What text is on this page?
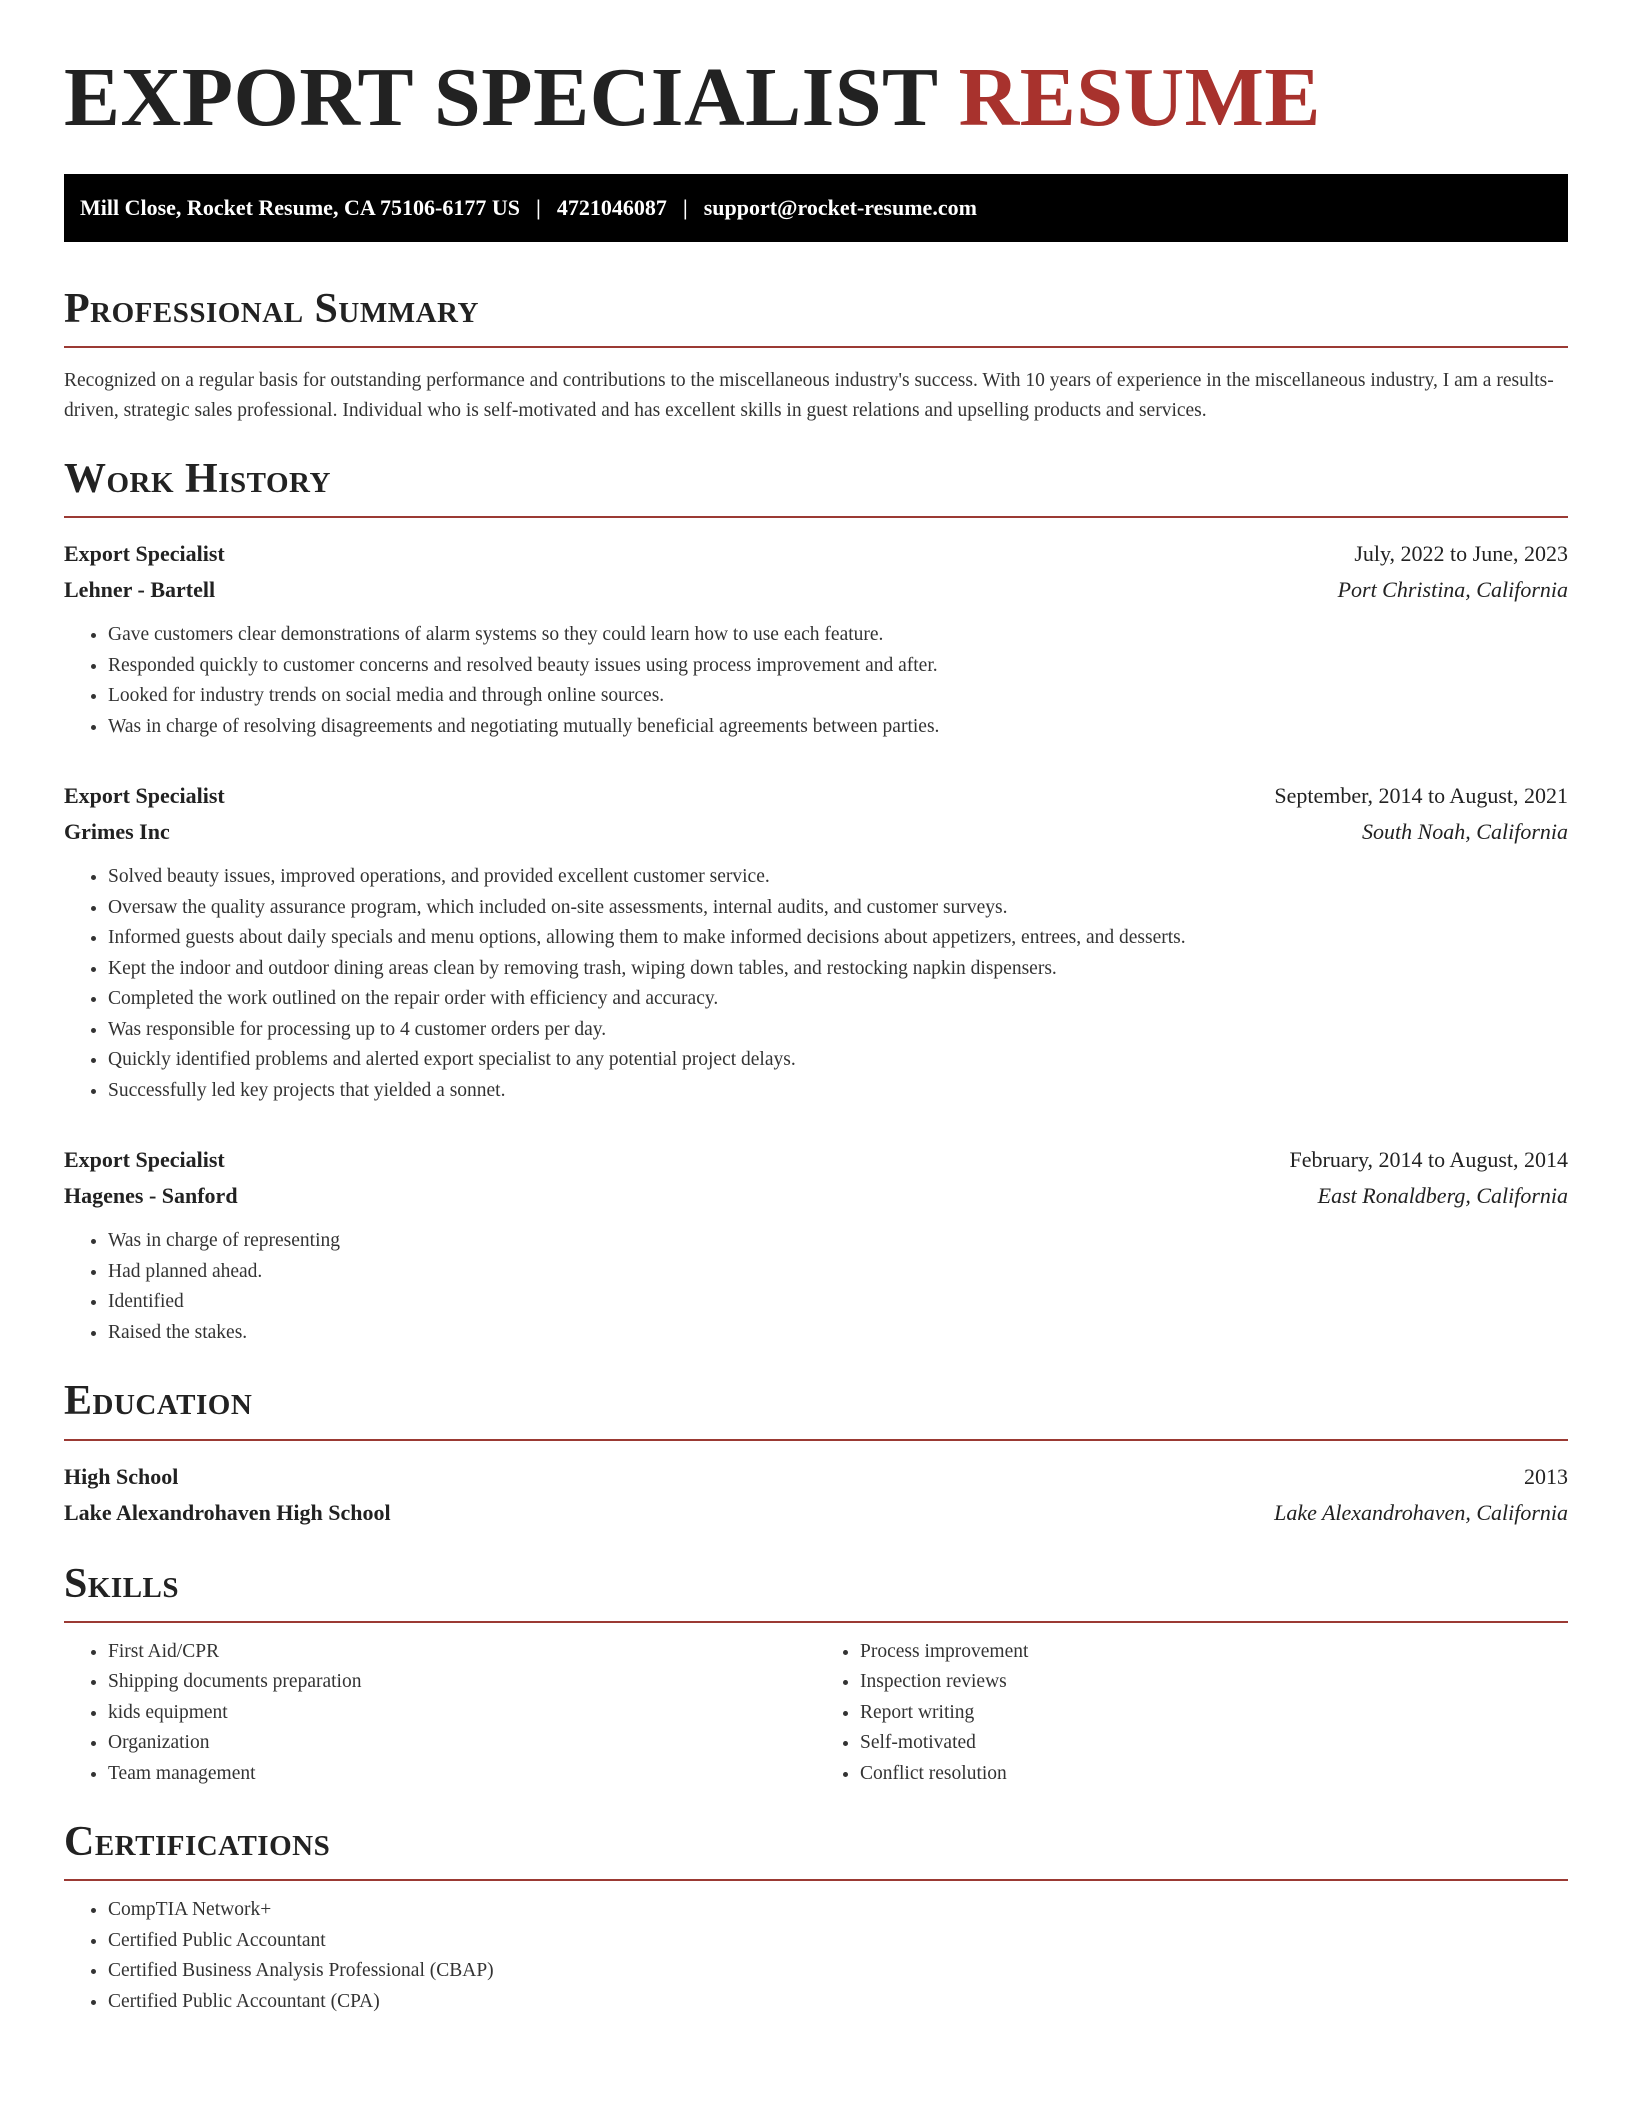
EXPORT SPECIALIST RESUME
Mill Close, Rocket Resume, CA 75106-6177 US | 4721046087 | support@rocket-resume.com
Professional Summary

Recognized on a regular basis for outstanding performance and contributions to the miscellaneous industry's success. With 10 years of experience in the miscellaneous industry, I am a results-driven, strategic sales professional. Individual who is self-motivated and has excellent skills in guest relations and upselling products and services.

Work History
Export Specialist	July, 2022 to June, 2023
Lehner - Bartell	Port Christina, California
• Gave customers clear demonstrations of alarm systems so they could learn how to use each feature.
• Responded quickly to customer concerns and resolved beauty issues using process improvement and after.
• Looked for industry trends on social media and through online sources.
• Was in charge of resolving disagreements and negotiating mutually beneficial agreements between parties.
Export Specialist	September, 2014 to August, 2021
Grimes Inc	South Noah, California
• Solved beauty issues, improved operations, and provided excellent customer service.
• Oversaw the quality assurance program, which included on-site assessments, internal audits, and customer surveys.
• Informed guests about daily specials and menu options, allowing them to make informed decisions about appetizers, entrees, and desserts.
• Kept the indoor and outdoor dining areas clean by removing trash, wiping down tables, and restocking napkin dispensers.
• Completed the work outlined on the repair order with efficiency and accuracy.
• Was responsible for processing up to 4 customer orders per day.
• Quickly identified problems and alerted export specialist to any potential project delays.
• Successfully led key projects that yielded a sonnet.
Export Specialist	February, 2014 to August, 2014
Hagenes - Sanford	East Ronaldberg, California
• Was in charge of representing
• Had planned ahead.
• Identified
• Raised the stakes.
Education
High School	2013
Lake Alexandrohaven High School	Lake Alexandrohaven, California
Skills
• First Aid/CPR
• Shipping documents preparation
• kids equipment
• Organization
• Team management
• Process improvement
• Inspection reviews
• Report writing
• Self-motivated
• Conflict resolution
Certifications
• CompTIA Network+
• Certified Public Accountant
• Certified Business Analysis Professional (CBAP)
• Certified Public Accountant (CPA)
